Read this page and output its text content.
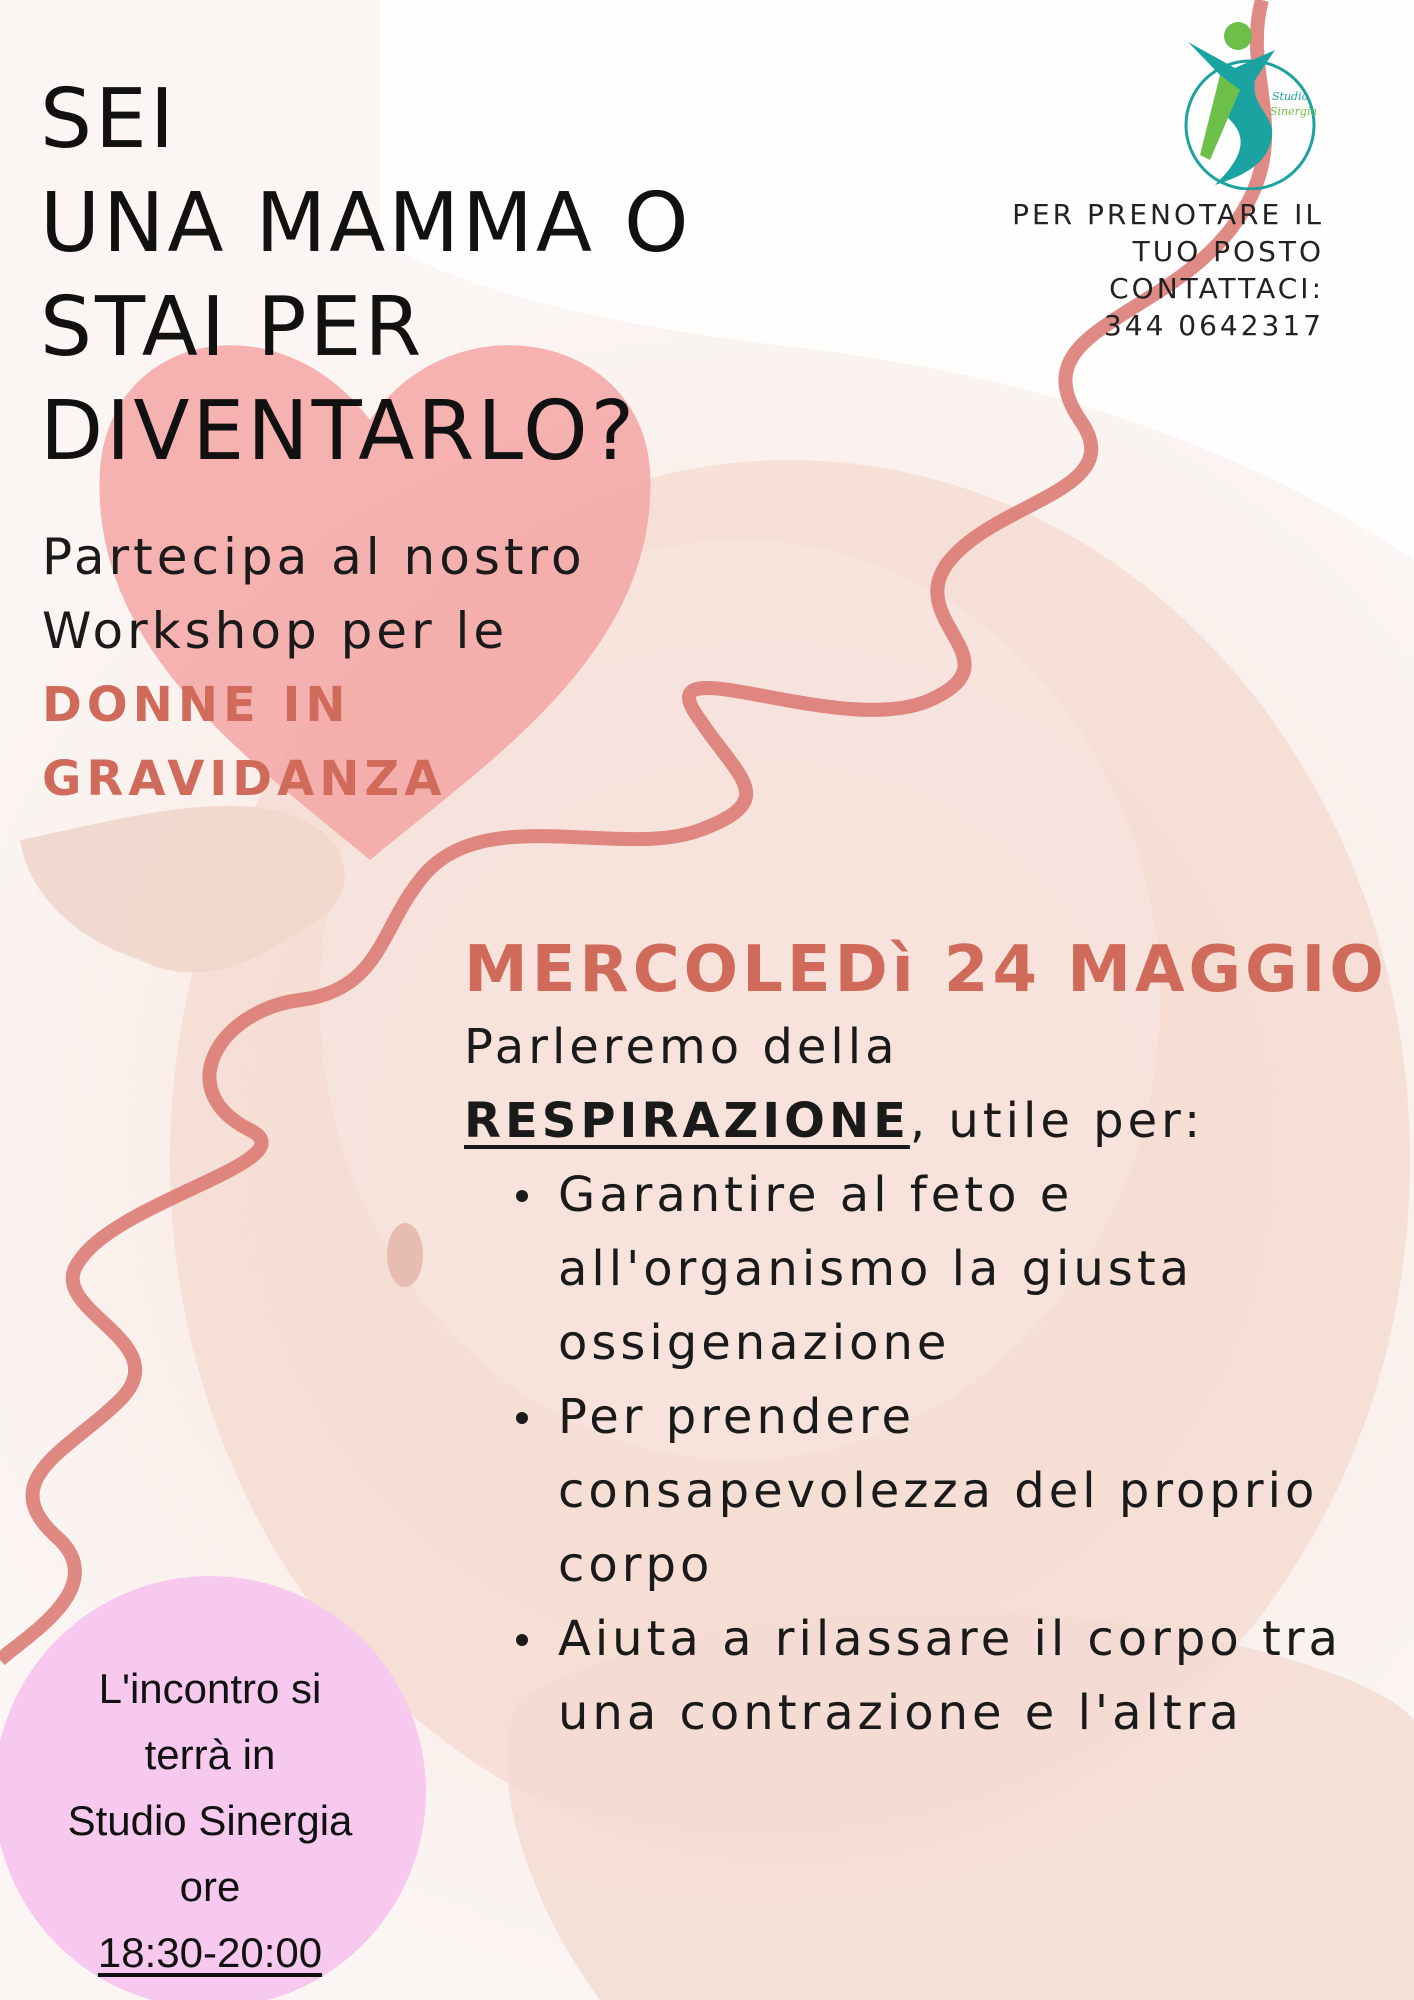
SEI
UNA MAMMA O
STAI PER
DIVENTARLO?
Partecipa al nostro
Workshop per le
DONNE IN
GRAVIDANZA
Studio
Sinergia
PER PRENOTARE IL
TUO POSTO
CONTATTACI:
344 0642317
MERCOLEDì 24 MAGGIO
Parleremo della
RESPIRAZIONE, utile per:
Garantire al feto e
all'organismo la giusta
ossigenazione
Per prendere
consapevolezza del proprio
corpo
Aiuta a rilassare il corpo tra
una contrazione e l'altra
L'incontro si
terrà in
Studio Sinergia
ore
18:30-20:00
